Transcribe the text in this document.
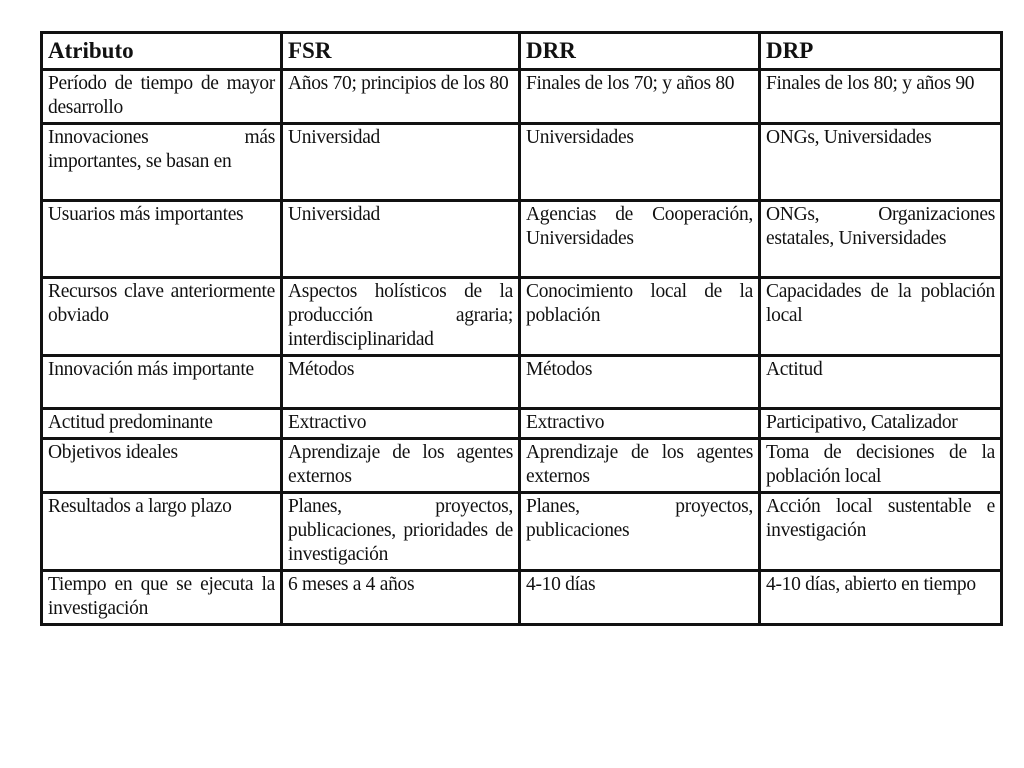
Atributo	FSR	DRR	DRP
Período de tiempo de mayor desarrollo	Años 70; principios de los 80	Finales de los 70; y años 80	Finales de los 80; y años 90
Innovaciones más importantes, se basan en	Universidad	Universidades	ONGs, Universidades
Usuarios más importantes	Universidad	Agencias de Cooperación, Universidades	ONGs, Organizaciones estatales, Universidades
Recursos clave anteriormente obviado	Aspectos holísticos de la producción agraria; interdisciplinaridad	Conocimiento local de la población	Capacidades de la población local
Innovación más importante	Métodos	Métodos	Actitud
Actitud predominante	Extractivo	Extractivo	Participativo, Catalizador
Objetivos ideales	Aprendizaje de los agentes externos	Aprendizaje de los agentes externos	Toma de decisiones de la población local
Resultados a largo plazo	Planes, proyectos, publicaciones, prioridades de investigación	Planes, proyectos, publicaciones	Acción local sustentable e investigación
Tiempo en que se ejecuta la investigación	6 meses a 4 años	4-10 días	4-10 días, abierto en tiempo
